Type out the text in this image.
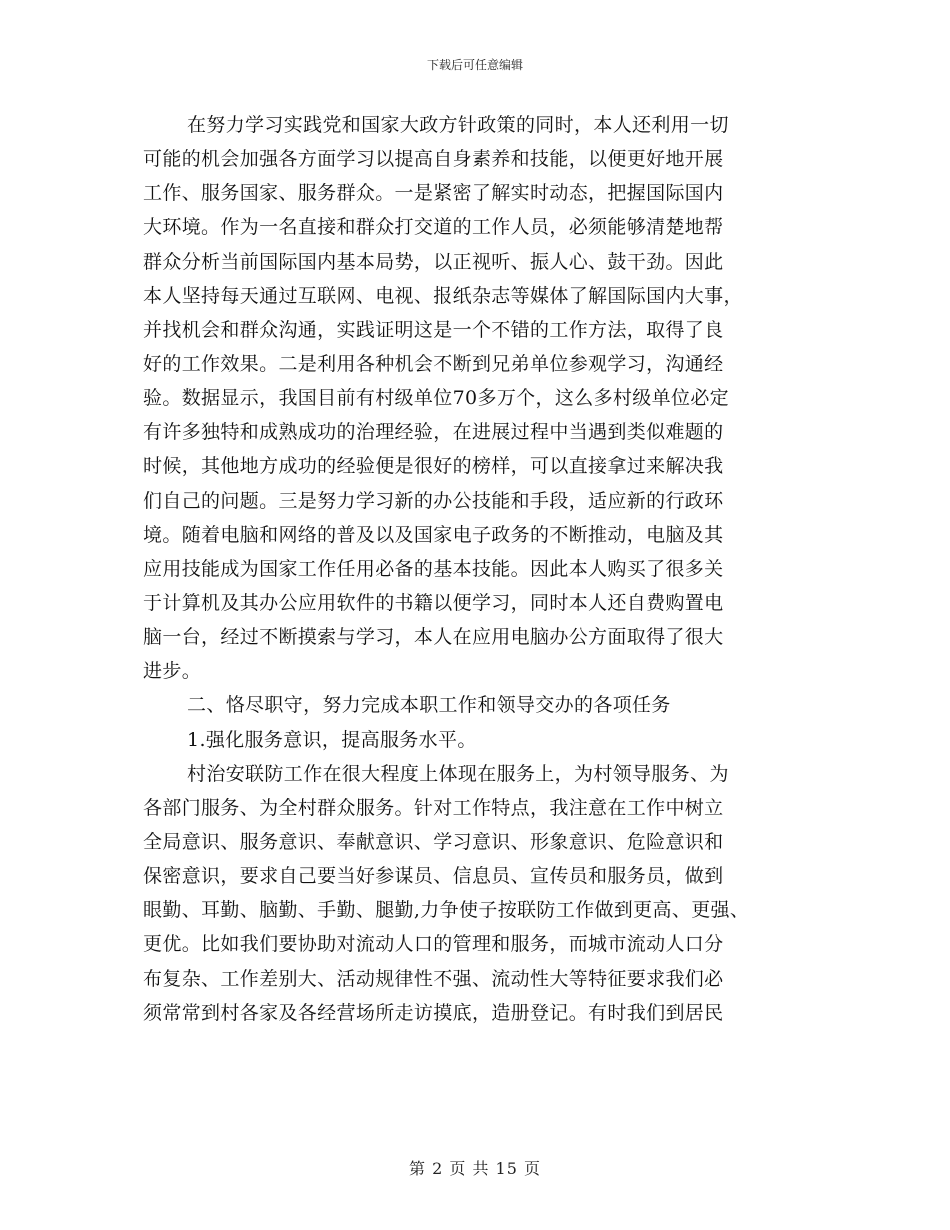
下载后可任意编辑
在努力学习实践党和国家大政方针政策的同时，本人还利用一切
可能的机会加强各方面学习以提高自身素养和技能，以便更好地开展
工作、服务国家、服务群众。一是紧密了解实时动态，把握国际国内
大环境。作为一名直接和群众打交道的工作人员，必须能够清楚地帮
群众分析当前国际国内基本局势，以正视听、振人心、鼓干劲。因此
本人坚持每天通过互联网、电视、报纸杂志等媒体了解国际国内大事，
并找机会和群众沟通，实践证明这是一个不错的工作方法，取得了良
好的工作效果。二是利用各种机会不断到兄弟单位参观学习，沟通经
验。数据显示，我国目前有村级单位70多万个，这么多村级单位必定
有许多独特和成熟成功的治理经验，在进展过程中当遇到类似难题的
时候，其他地方成功的经验便是很好的榜样，可以直接拿过来解决我
们自己的问题。三是努力学习新的办公技能和手段，适应新的行政环
境。随着电脑和网络的普及以及国家电子政务的不断推动，电脑及其
应用技能成为国家工作任用必备的基本技能。因此本人购买了很多关
于计算机及其办公应用软件的书籍以便学习，同时本人还自费购置电
脑一台，经过不断摸索与学习，本人在应用电脑办公方面取得了很大
进步。
二、恪尽职守，努力完成本职工作和领导交办的各项任务
1.强化服务意识，提高服务水平。
村治安联防工作在很大程度上体现在服务上，为村领导服务、为
各部门服务、为全村群众服务。针对工作特点，我注意在工作中树立
全局意识、服务意识、奉献意识、学习意识、形象意识、危险意识和
保密意识，要求自己要当好参谋员、信息员、宣传员和服务员，做到
眼勤、耳勤、脑勤、手勤、腿勤,力争使子按联防工作做到更高、更强、
更优。比如我们要协助对流动人口的管理和服务，而城市流动人口分
布复杂、工作差别大、活动规律性不强、流动性大等特征要求我们必
须常常到村各家及各经营场所走访摸底，造册登记。有时我们到居民
第 2 页 共 15 页
